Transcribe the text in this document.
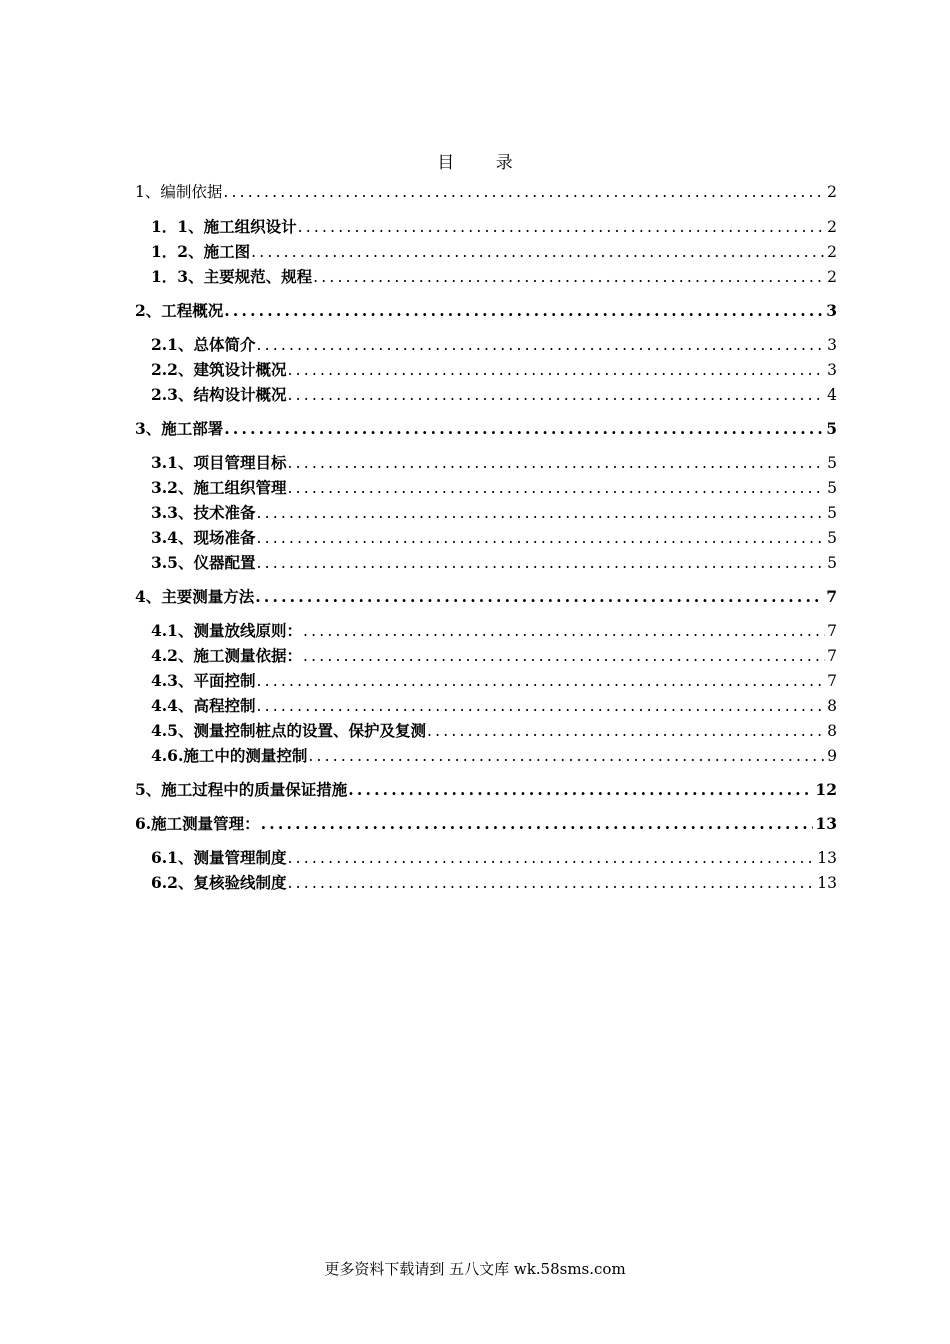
目 录
1、编制依据 .....	2
1．1、施工组织设计 .....	2
1．2、施工图 .....	2
1．3、主要规范、规程 .....	2
2、工程概况 .....	3
2.1、总体简介 .....	3
2.2、建筑设计概况 .....	3
2.3、结构设计概况 .....	4
3、施工部署 .....	5
3.1、项目管理目标 .....	5
3.2、施工组织管理 .....	5
3.3、技术准备 .....	5
3.4、现场准备 .....	5
3.5、仪器配置 .....	5
4、主要测量方法 .....	7
4.1、测量放线原则： .....	7
4.2、施工测量依据： .....	7
4.3、平面控制 .....	7
4.4、高程控制 .....	8
4.5、测量控制桩点的设置、保护及复测 .....	8
4.6.施工中的测量控制 .....	9
5、施工过程中的质量保证措施 .....	12
6.施工测量管理： .....	13
6.1、测量管理制度 .....	13
6.2、复核验线制度 .....	13
更多资料下载请到 五八文库 wk.58sms.com
